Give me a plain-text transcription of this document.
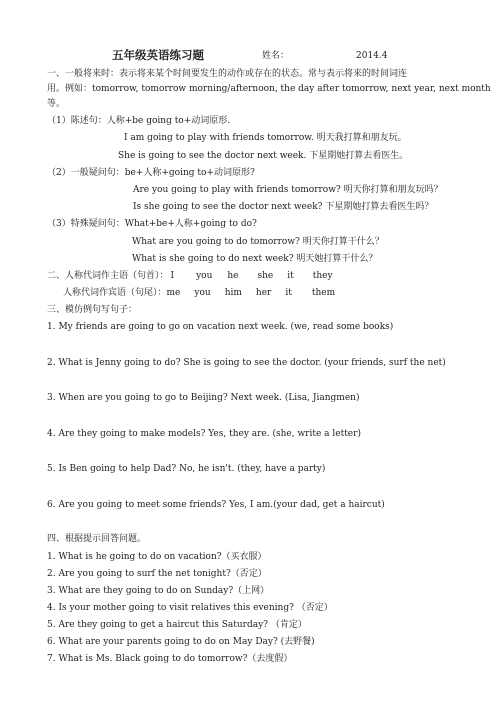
五年级英语练习题	姓名：	2014.4
一、一般将来时：表示将来某个时间要发生的动作或存在的状态。常与表示将来的时间词连
用。例如：tomorrow, tomorrow morning/afternoon, the day after tomorrow, next year, next month
等。
（1）陈述句：人称+be going to+动词原形.
I am going to play with friends tomorrow. 明天我打算和朋友玩。
She is going to see the doctor next week. 下星期她打算去看医生。
（2）一般疑问句：be+人称+going to+动词原形?
Are you going to play with friends tomorrow? 明天你打算和朋友玩吗？
Is she going to see the doctor next week? 下星期她打算去看医生吗？
（3）特殊疑问句：What+be+人称+going to do?
What are you going to do tomorrow? 明天你打算干什么？
What is she going to do next week? 明天她打算干什么？
二、人称代词作主语（句首）： I you he she it they
人称代词作宾语（句尾）：me you him her it them
三、模仿例句写句子：
1. My friends are going to go on vacation next week. (we, read some books)
2. What is Jenny going to do? She is going to see the doctor. (your friends, surf the net)
3. When are you going to go to Beijing? Next week. (Lisa, Jiangmen)
4. Are they going to make models? Yes, they are. (she, write a letter)
5. Is Ben going to help Dad? No, he isn't. (they, have a party)
6. Are you going to meet some friends? Yes, I am.(your dad, get a haircut)
四、根据提示回答问题。
1. What is he going to do on vacation?（买衣服）
2. Are you going to surf the net tonight?（否定）
3. What are they going to do on Sunday?（上网）
4. Is your mother going to visit relatives this evening? （否定）
5. Are they going to get a haircut this Saturday? （肯定）
6. What are your parents going to do on May Day? (去野餐)
7. What is Ms. Black going to do tomorrow?（去度假）
